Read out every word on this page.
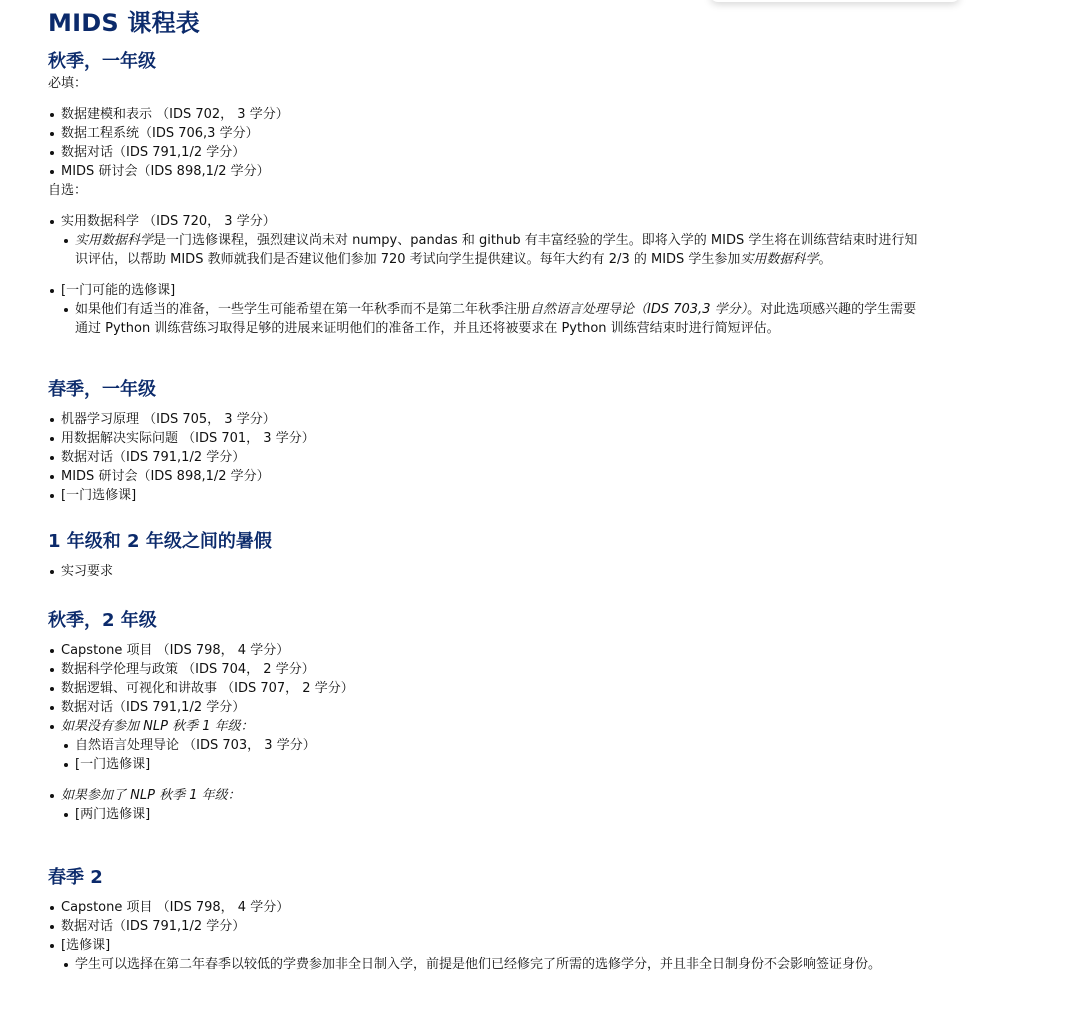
MIDS 课程表
秋季，一年级

必填：

数据建模和表示 （IDS 702， 3 学分）
数据工程系统（IDS 706,3 学分）
数据对话（IDS 791,1/2 学分）
MIDS 研讨会（IDS 898,1/2 学分）

自选：

实用数据科学 （IDS 720， 3 学分）
实用数据科学是一门选修课程，强烈建议尚未对 numpy、pandas 和 github 有丰富经验的学生。即将入学的 MIDS 学生将在训练营结束时进行知识评估，以帮助 MIDS 教师就我们是否建议他们参加 720 考试向学生提供建议。每年大约有 2/3 的 MIDS 学生参加实用数据科学。
[一门可能的选修课]
如果他们有适当的准备，一些学生可能希望在第一年秋季而不是第二年秋季注册自然语言处理导论（IDS 703,3 学分）。对此选项感兴趣的学生需要通过 Python 训练营练习取得足够的进展来证明他们的准备工作，并且还将被要求在 Python 训练营结束时进行简短评估。
春季，一年级
机器学习原理 （IDS 705， 3 学分）
用数据解决实际问题 （IDS 701， 3 学分）
数据对话（IDS 791,1/2 学分）
MIDS 研讨会（IDS 898,1/2 学分）
[一门选修课]
1 年级和 2 年级之间的暑假
实习要求
秋季，2 年级
Capstone 项目 （IDS 798， 4 学分）
数据科学伦理与政策 （IDS 704， 2 学分）
数据逻辑、可视化和讲故事 （IDS 707， 2 学分）
数据对话（IDS 791,1/2 学分）
如果没有参加 NLP 秋季 1 年级：
自然语言处理导论 （IDS 703， 3 学分）
[一门选修课]
如果参加了 NLP 秋季 1 年级：
[两门选修课]
春季 2
Capstone 项目 （IDS 798， 4 学分）
数据对话（IDS 791,1/2 学分）
[选修课]
学生可以选择在第二年春季以较低的学费参加非全日制入学，前提是他们已经修完了所需的选修学分，并且非全日制身份不会影响签证身份。
